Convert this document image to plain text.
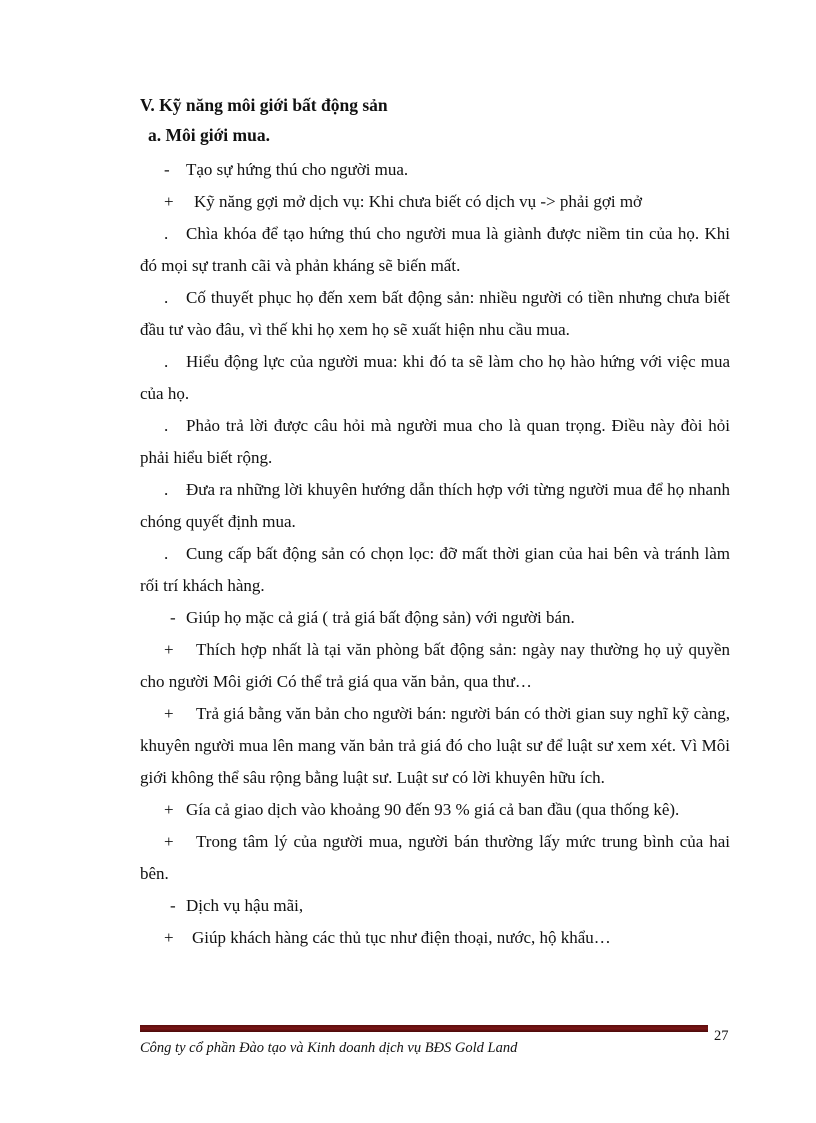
V. Kỹ năng môi giới bất động sản
a. Môi giới mua.

- Tạo sự hứng thú cho người mua.

+ Kỹ năng gợi mở dịch vụ: Khi chưa biết có dịch vụ -> phải gợi mở

. Chìa khóa để tạo hứng thú cho người mua là giành được niềm tin của họ. Khi đó mọi sự tranh cãi và phản kháng sẽ biến mất.

. Cố thuyết phục họ đến xem bất động sản: nhiều người có tiền nhưng chưa biết đầu tư vào đâu, vì thế khi họ xem họ sẽ xuất hiện nhu cầu mua.

. Hiểu động lực của người mua: khi đó ta sẽ làm cho họ hào hứng với việc mua của họ.

. Phảo trả lời được câu hỏi mà người mua cho là quan trọng. Điều này đòi hỏi phải hiểu biết rộng.

. Đưa ra những lời khuyên hướng dẫn thích hợp với từng người mua để họ nhanh chóng quyết định mua.

. Cung cấp bất động sản có chọn lọc: đỡ mất thời gian của hai bên và tránh làm rối trí khách hàng.

- Giúp họ mặc cả giá ( trả giá bất động sản) với người bán.

+ Thích hợp nhất là tại văn phòng bất động sản: ngày nay thường họ uỷ quyền cho người Môi giới Có thể trả giá qua văn bản, qua thư…

+ Trả giá bằng văn bản cho người bán: người bán có thời gian suy nghĩ kỹ càng, khuyên người mua lên mang văn bản trả giá đó cho luật sư để luật sư xem xét. Vì Môi giới không thể sâu rộng bằng luật sư. Luật sư có lời khuyên hữu ích.

+ Gía cả giao dịch vào khoảng 90 đến 93 % giá cả ban đầu (qua thống kê).

+ Trong tâm lý của người mua, người bán thường lấy mức trung bình của hai bên.

- Dịch vụ hậu mãi,

+ Giúp khách hàng các thủ tục như điện thoại, nước, hộ khẩu…

Công ty cổ phần Đào tạo và Kinh doanh dịch vụ BĐS Gold Land
27
